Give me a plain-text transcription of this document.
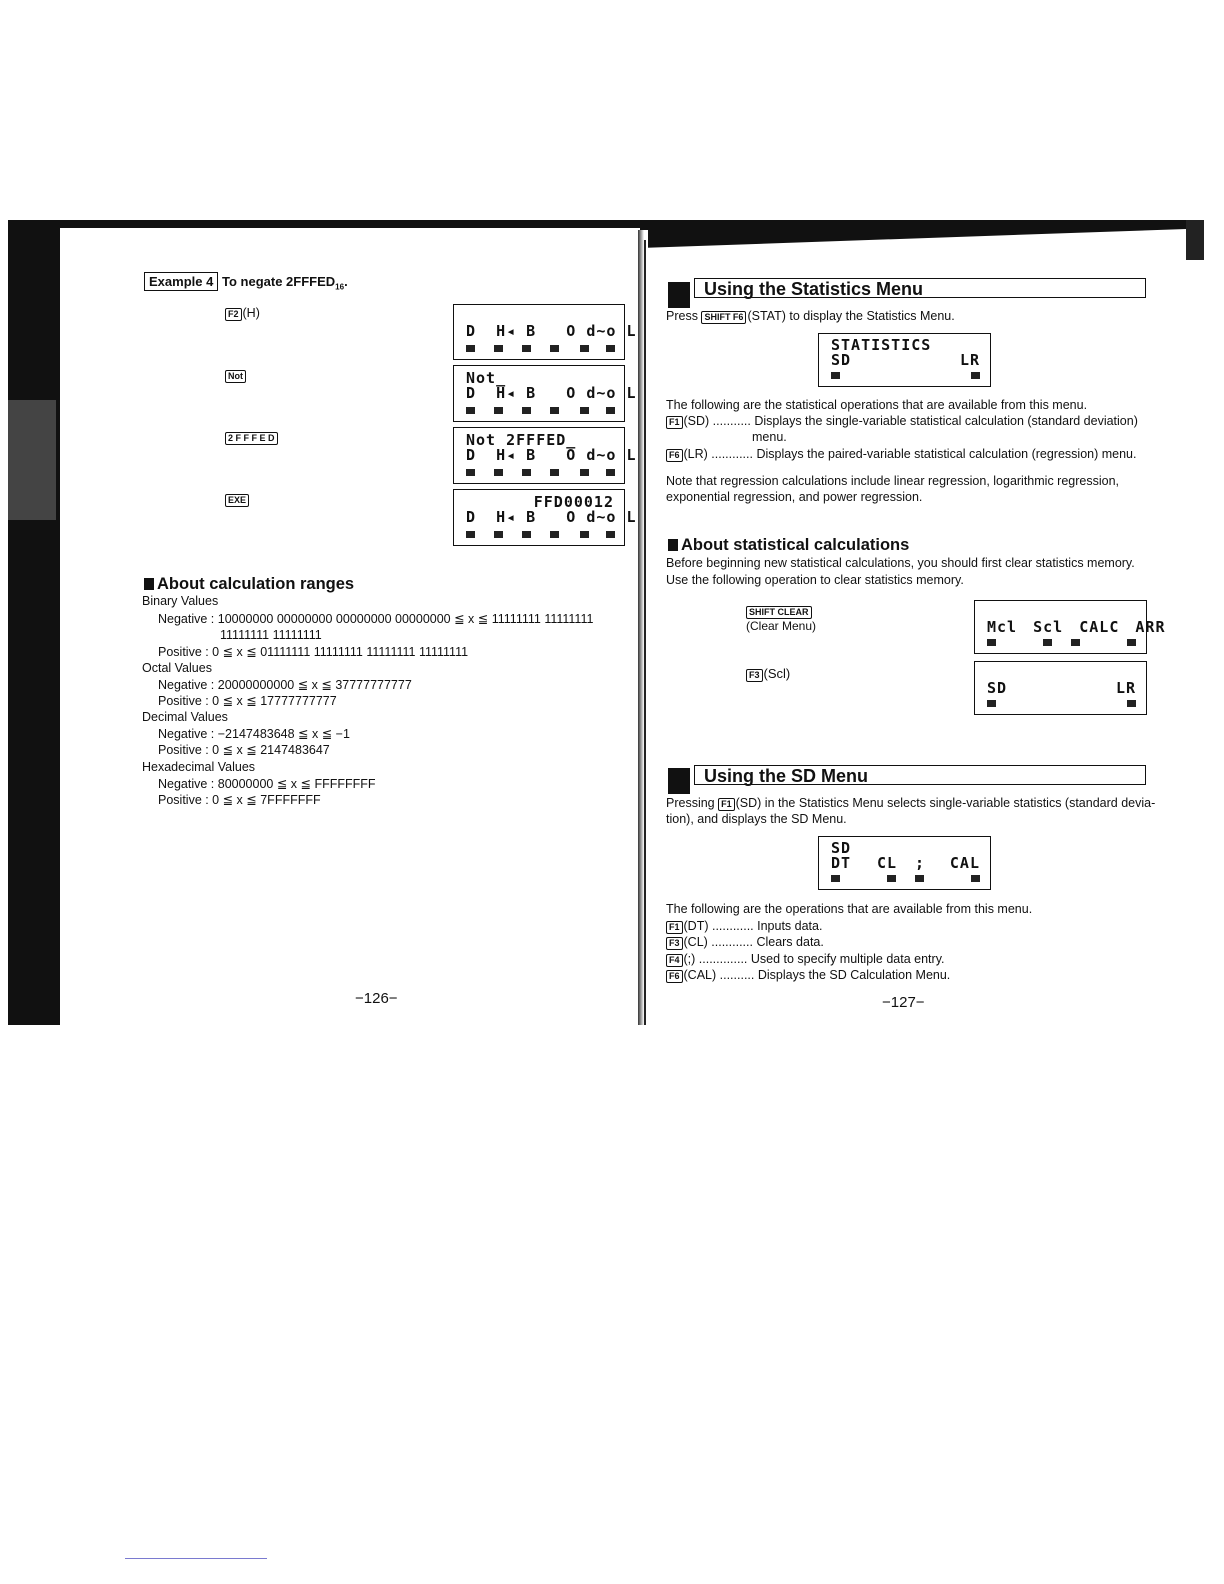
Example 4 To negate $2FFFED_{16}$.
F2 (H)
D  H◂ B   O d~o L
Not	Not_
D  H◂ B   O d~o L
2 F F F E D	Not 2FFFED_
D  H◂ B   O d~o L
EXE	FFD00012
D  H◂ B   O d~o L
About calculation ranges
Binary Values
Negative : 10000000 00000000 00000000 00000000 ≦ x ≦ 11111111 11111111
11111111 11111111
Positive : 0 ≦ x ≦ 01111111 11111111 11111111 11111111
Octal Values
Negative : 20000000000 ≦ x ≦ 37777777777
Positive : 0 ≦ x ≦ 17777777777
Decimal Values
Negative : −2147483648 ≦ x ≦ −1
Positive : 0 ≦ x ≦ 2147483647
Hexadecimal Values
Negative : 80000000 ≦ x ≦ FFFFFFFF
Positive : 0 ≦ x ≦ 7FFFFFFF
−126−
Using the Statistics Menu
Press SHIFT F6 (STAT) to display the Statistics Menu.
STATISTICS
SD	LR
The following are the statistical operations that are available from this menu.
F1 (SD) ........... Displays the single-variable statistical calculation (standard deviation)
menu.
F6 (LR) ............ Displays the paired-variable statistical calculation (regression) menu.
Note that regression calculations include linear regression, logarithmic regression,
exponential regression, and power regression.
About statistical calculations
Before beginning new statistical calculations, you should first clear statistics memory.
Use the following operation to clear statistics memory.
SHIFT CLEAR
(Clear Menu)	Mcl Scl CALC ARR
F3 (Scl)
SD	LR
Using the SD Menu
Pressing F1 (SD) in the Statistics Menu selects single-variable statistics (standard devia-
tion), and displays the SD Menu.
SD
DT CL ; CAL
The following are the operations that are available from this menu.
F1 (DT) ............ Inputs data.
F3 (CL) ............ Clears data.
F4 (;) .............. Used to specify multiple data entry.
F6 (CAL) .......... Displays the SD Calculation Menu.
−127−
